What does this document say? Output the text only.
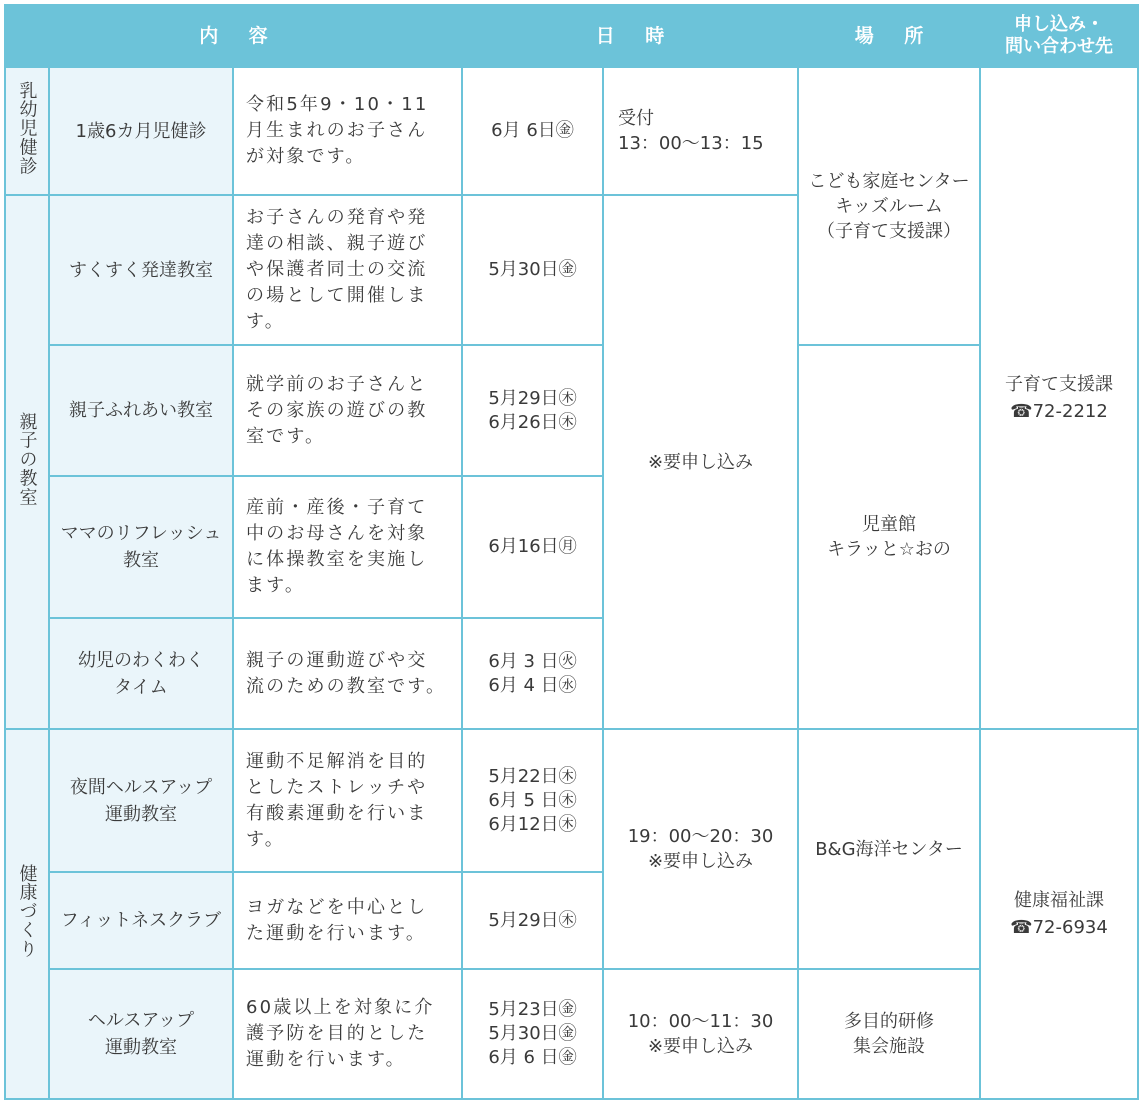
内容			日時		場所	申し込み・
問い合わせ先
乳幼児健診	1歳6カ月児健診	令和5年9・10・11
月生まれのお子さん
が対象です。	6月 6日㊎	受付
13：00〜13：15	こども家庭センター
キッズルーム
（子育て支援課）	子育て支援課
☎72-2212
親子の教室	すくすく発達教室	お子さんの発育や発
達の相談、親子遊び
や保護者同士の交流
の場として開催しま
す。	5月30日㊎	※要申し込み		
	親子ふれあい教室	就学前のお子さんと
その家族の遊びの教
室です。	5月29日㊍
6月26日㊍		児童館
キラッと☆おの	
	ママのリフレッシュ
教室	産前・産後・子育て
中のお母さんを対象
に体操教室を実施し
ます。	6月16日㊊			
	幼児のわくわく
タイム	親子の運動遊びや交
流のための教室です。	6月 3 日㊋
6月 4 日㊌			
健康づくり	夜間ヘルスアップ
運動教室	運動不足解消を目的
としたストレッチや
有酸素運動を行いま
す。	5月22日㊍
6月 5 日㊍
6月12日㊍	19：00〜20：30
※要申し込み	B&G海洋センター	健康福祉課
☎72-6934
	フィットネスクラブ	ヨガなどを中心とし
た運動を行います。	5月29日㊍			
	ヘルスアップ
運動教室	60歳以上を対象に介
護予防を目的とした
運動を行います。	5月23日㊎
5月30日㊎
6月 6 日㊎	10：00〜11：30
※要申し込み	多目的研修
集会施設	
